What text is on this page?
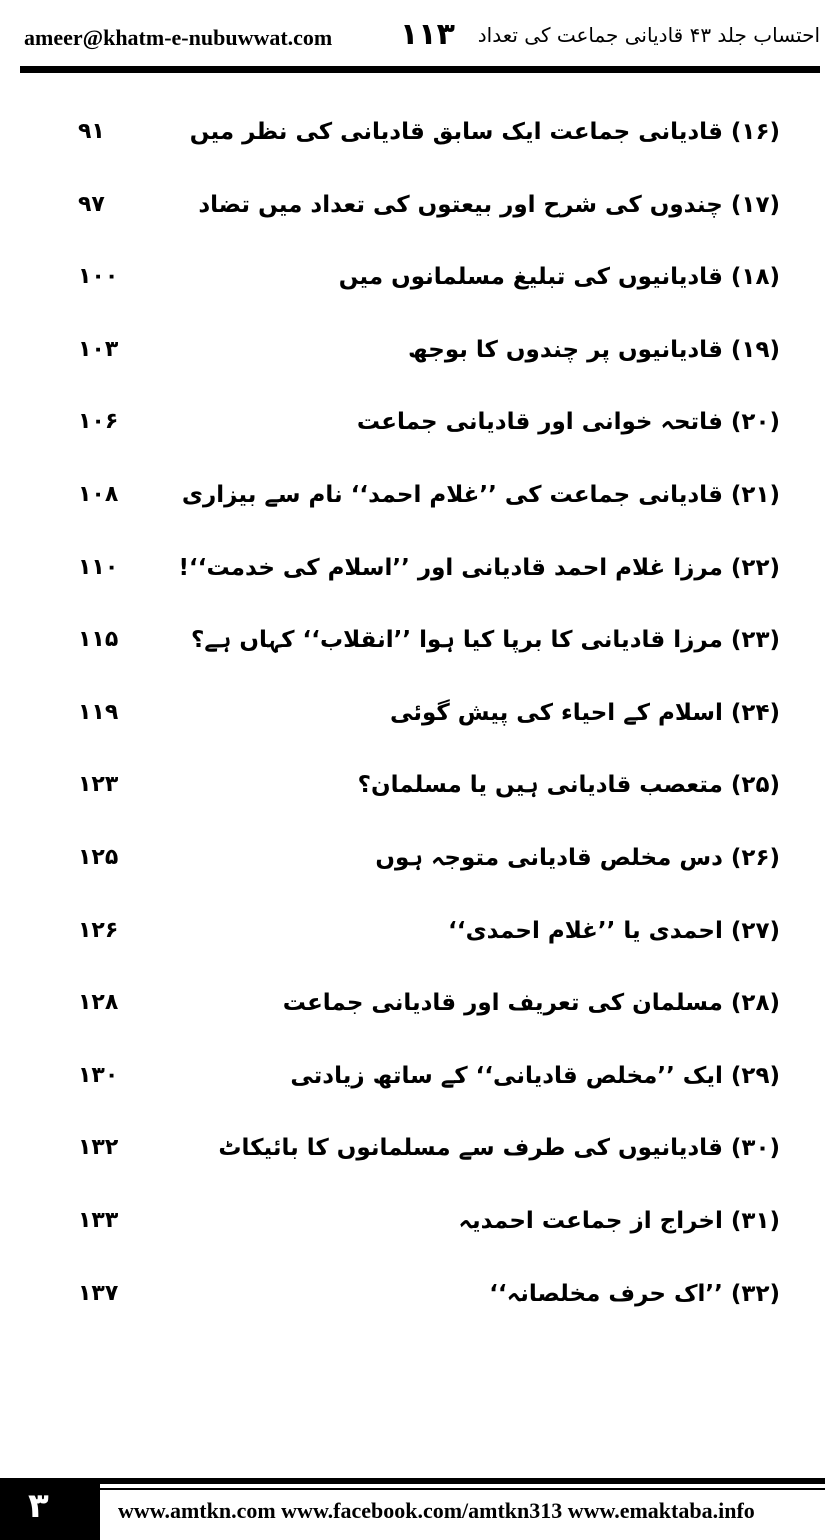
ameer@khatm-e-nubuwwat.com ۱۱۳ احتساب جلد ۴۳ قادیانی جماعت کی تعداد
(۱۶) قادیانی جماعت ایک سابق قادیانی کی نظر میں
۹۱
(۱۷) چندوں کی شرح اور بیعتوں کی تعداد میں تضاد
۹۷
(۱۸) قادیانیوں کی تبلیغ مسلمانوں میں
۱۰۰
(۱۹) قادیانیوں پر چندوں کا بوجھ
۱۰۳
(۲۰) فاتحہ خوانی اور قادیانی جماعت
۱۰۶
(۲۱) قادیانی جماعت کی ’’غلام احمد‘‘ نام سے بیزاری
۱۰۸
(۲۲) مرزا غلام احمد قادیانی اور ’’اسلام کی خدمت‘‘!
۱۱۰
(۲۳) مرزا قادیانی کا برپا کیا ہوا ’’انقلاب‘‘ کہاں ہے؟
۱۱۵
(۲۴) اسلام کے احیاء کی پیش گوئی
۱۱۹
(۲۵) متعصب قادیانی ہیں یا مسلمان؟
۱۲۳
(۲۶) دس مخلص قادیانی متوجہ ہوں
۱۲۵
(۲۷) احمدی یا ’’غلام احمدی‘‘
۱۲۶
(۲۸) مسلمان کی تعریف اور قادیانی جماعت
۱۲۸
(۲۹) ایک ’’مخلص قادیانی‘‘ کے ساتھ زیادتی
۱۳۰
(۳۰) قادیانیوں کی طرف سے مسلمانوں کا بائیکاٹ
۱۳۲
(۳۱) اخراج از جماعت احمدیہ
۱۳۳
(۳۲) ’’اک حرف مخلصانہ‘‘
۱۳۷
۳	www.amtkn.com www.facebook.com/amtkn313 www.emaktaba.info
